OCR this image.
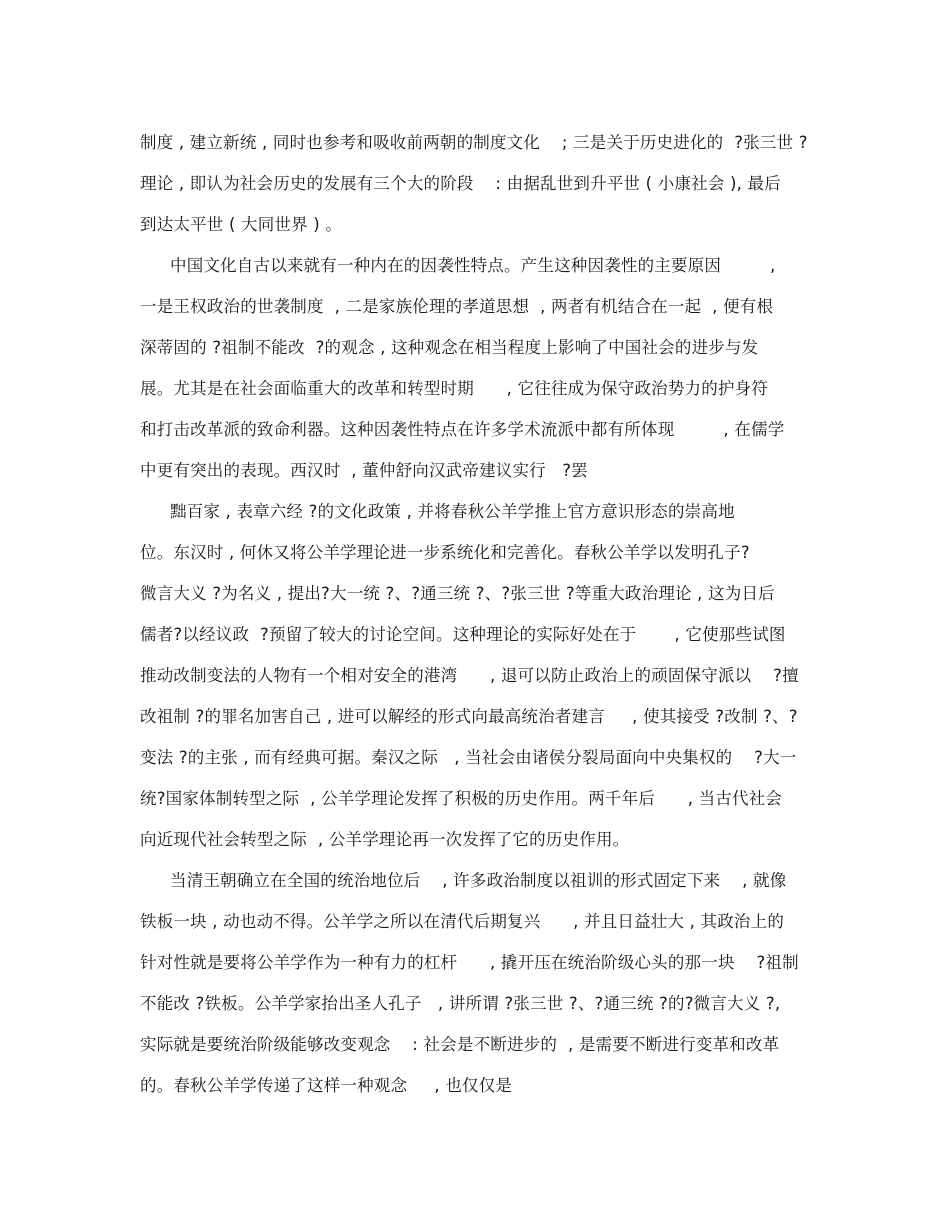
制度 , 建立新统 , 同时也参考和吸收前两朝的制度文化    ; 三是关于历史进化的  ?张三世 ?
理论 , 即认为社会历史的发展有三个大的阶段    : 由据乱世到升平世 ( 小康社会 ), 最后
到达太平世 ( 大同世界 ) 。
中国文化自古以来就有一种内在的因袭性特点。产生这种因袭性的主要原因         ,
一是王权政治的世袭制度  , 二是家族伦理的孝道思想  , 两者有机结合在一起  , 便有根
深蒂固的 ?祖制不能改  ?的观念 , 这种观念在相当程度上影响了中国社会的进步与发
展。尤其是在社会面临重大的改革和转型时期      , 它往往成为保守政治势力的护身符
和打击改革派的致命利器。这种因袭性特点在许多学术流派中都有所体现         , 在儒学
中更有突出的表现。西汉时  , 董仲舒向汉武帝建议实行   ?罢
黜百家 , 表章六经 ?的文化政策 , 并将春秋公羊学推上官方意识形态的崇高地
位。东汉时 , 何休又将公羊学理论进一步系统化和完善化。春秋公羊学以发明孔子?
微言大义 ?为名义 , 提出?大一统 ?、?通三统 ?、?张三世 ?等重大政治理论 , 这为日后
儒者?以经议政  ?预留了较大的讨论空间。这种理论的实际好处在于       , 它使那些试图
推动改制变法的人物有一个相对安全的港湾      , 退可以防止政治上的顽固保守派以    ?擅
改祖制 ?的罪名加害自己 , 进可以解经的形式向最高统治者建言     , 使其接受 ?改制 ?、?
变法 ?的主张 , 而有经典可据。秦汉之际   , 当社会由诸侯分裂局面向中央集权的    ?大一
统?国家体制转型之际  , 公羊学理论发挥了积极的历史作用。两千年后      , 当古代社会
向近现代社会转型之际  , 公羊学理论再一次发挥了它的历史作用。
当清王朝确立在全国的统治地位后    , 许多政治制度以祖训的形式固定下来    , 就像
铁板一块 , 动也动不得。公羊学之所以在清代后期复兴      , 并且日益壮大 , 其政治上的
针对性就是要将公羊学作为一种有力的杠杆      , 撬开压在统治阶级心头的那一块    ?祖制
不能改 ?铁板。公羊学家抬出圣人孔子   , 讲所谓 ?张三世 ?、?通三统 ?的?微言大义 ?,
实际就是要统治阶级能够改变观念    : 社会是不断进步的  , 是需要不断进行变革和改革
的。春秋公羊学传递了这样一种观念     , 也仅仅是
